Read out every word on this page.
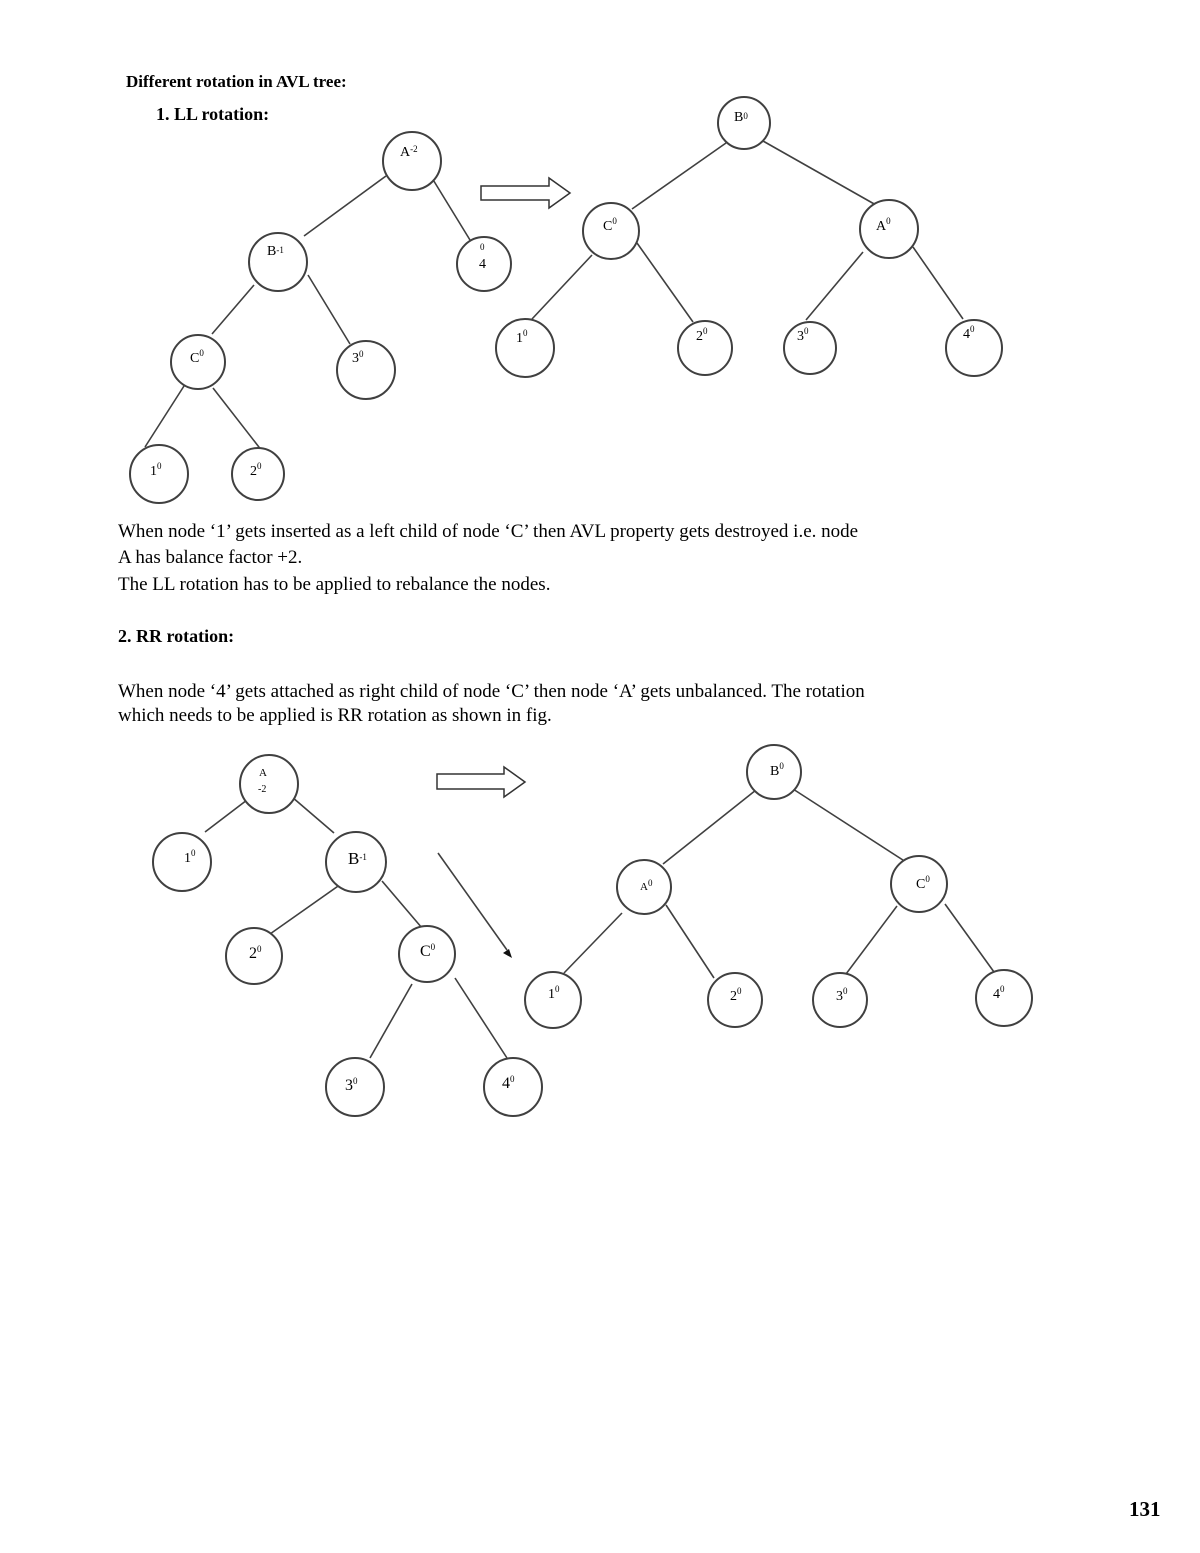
Different rotation in AVL tree:
1. LL rotation:
$A^{-2}$
B-1	0
4
$C^0$	$3^0$
$1^0$	$2^0$
B0
$C^0$	$A^0$
$1^0$	$2^0$	$3^0$	$4^0$
When node ‘1’ gets inserted as a left child of node ‘C’ then AVL property gets destroyed i.e. node
A has balance factor +2.
The LL rotation has to be applied to rebalance the nodes.
2. RR rotation:
When node ‘4’ gets attached as right child of node ‘C’ then node ‘A’ gets unbalanced. The rotation
which needs to be applied is RR rotation as shown in fig.
A
-2
$1^0$	$B^{-1}$
$2^0$	$C^0$
$3^0$	$4^0$
$B^0$
$A^0$	$C^0$
$1^0$	$2^0$	$3^0$	$4^0$
131
